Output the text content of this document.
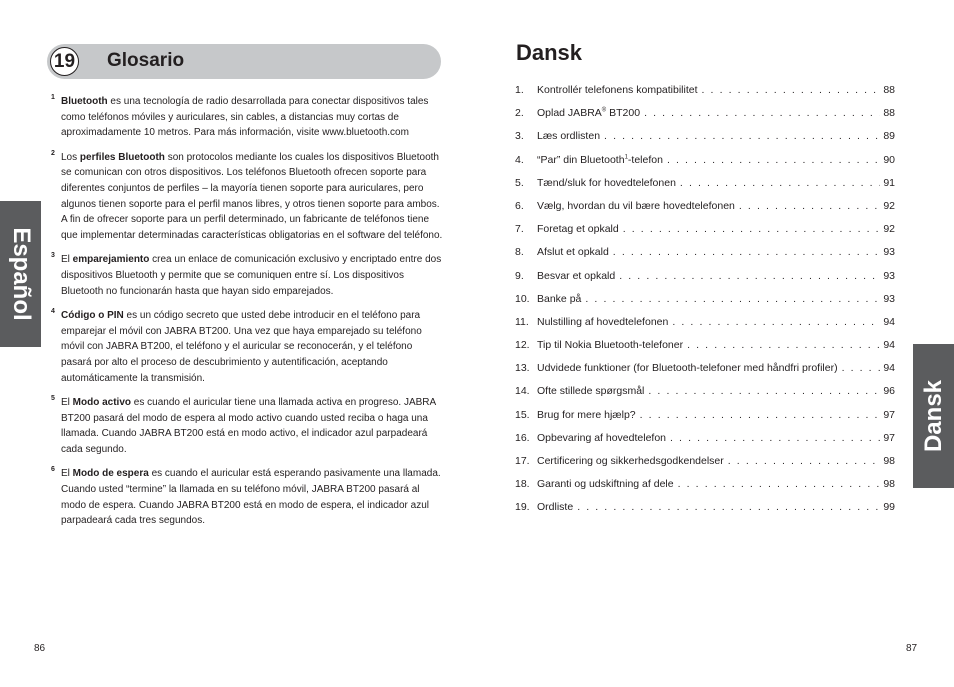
19 Glosario
Español
1 Bluetooth es una tecnología de radio desarrollada para conectar dispositivos tales como teléfonos móviles y auriculares, sin cables, a distancias muy cortas de aproximadamente 10 metros. Para más información, visite www.bluetooth.com
2 Los perfiles Bluetooth son protocolos mediante los cuales los dispositivos Bluetooth se comunican con otros dispositivos. Los teléfonos Bluetooth ofrecen soporte para diferentes conjuntos de perfiles – la mayoría tienen soporte para auriculares, pero algunos tienen soporte para el perfil manos libres, y otros tienen soporte para ambos. A fin de ofrecer soporte para un perfil determinado, un fabricante de teléfonos tiene que implementar determinadas características obligatorias en el software del teléfono.
3 El emparejamiento crea un enlace de comunicación exclusivo y encriptado entre dos dispositivos Bluetooth y permite que se comuniquen entre sí. Los dispositivos Bluetooth no funcionarán hasta que hayan sido emparejados.
4 Código o PIN es un código secreto que usted debe introducir en el teléfono para emparejar el móvil con JABRA BT200. Una vez que haya emparejado su teléfono móvil con JABRA BT200, el teléfono y el auricular se reconocerán, y el teléfono pasará por alto el proceso de descubrimiento y autentificación, aceptando automáticamente la transmisión.
5 El Modo activo es cuando el auricular tiene una llamada activa en progreso. JABRA BT200 pasará del modo de espera al modo activo cuando usted reciba o haga una llamada. Cuando JABRA BT200 está en modo activo, el indicador azul parpadeará cada segundo.
6 El Modo de espera es cuando el auricular está esperando pasivamente una llamada. Cuando usted “termine” la llamada en su teléfono móvil, JABRA BT200 pasará al modo de espera. Cuando JABRA BT200 está en modo de espera, el indicador azul parpadeará cada tres segundos.
86
Dansk
1.	Kontrollér telefonens kompatibilitet . . .	88
2.	Oplad JABRA® BT200 . . .	88
3.	Læs ordlisten . . .	89
4.	“Par” din Bluetooth$^1$-telefon . . .	90
5.	Tænd/sluk for hovedtelefonen . . .	91
6.	Vælg, hvordan du vil bære hovedtelefonen . . .	92
7.	Foretag et opkald . . .	92
8.	Afslut et opkald . . .	93
9.	Besvar et opkald . . .	93
10. Banke på . . .	93
11. Nulstilling af hovedtelefonen . . .	94
12. Tip til Nokia Bluetooth-telefoner . . .	94
13. Udvidede funktioner (for Bluetooth-telefoner med håndfri profiler) . . .	94
14. Ofte stillede spørgsmål . . .	96
15. Brug for mere hjælp? . . .	97
16. Opbevaring af hovedtelefon . . .	97
17. Certificering og sikkerhedsgodkendelser . . .	98
18. Garanti og udskiftning af dele . . .	98
19. Ordliste . . .	99
Dansk
87
